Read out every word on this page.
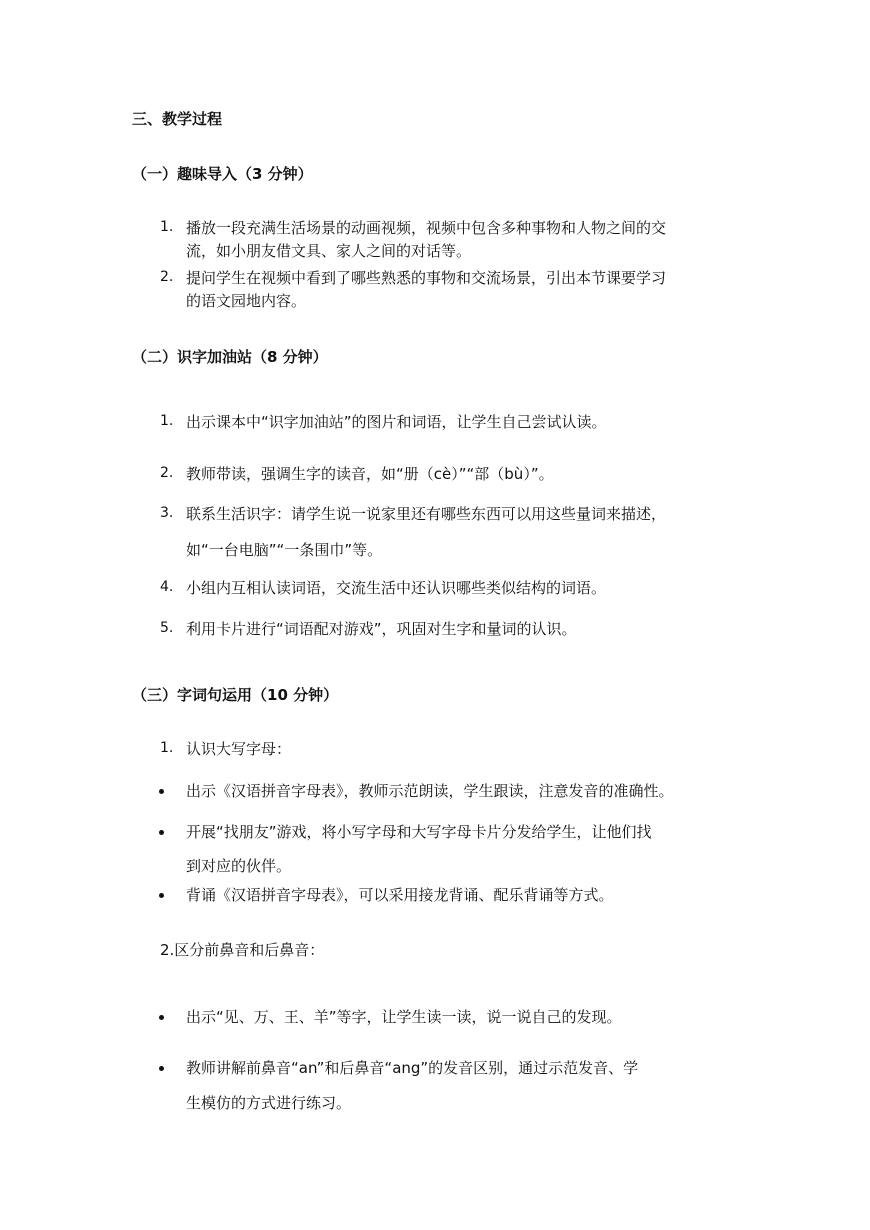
三、教学过程
（一）趣味导入（3 分钟）
1. 播放一段充满生活场景的动画视频，视频中包含多种事物和人物之间的交
流，如小朋友借文具、家人之间的对话等。
2. 提问学生在视频中看到了哪些熟悉的事物和交流场景，引出本节课要学习
的语文园地内容。
（二）识字加油站（8 分钟）
1. 出示课本中“识字加油站”的图片和词语，让学生自己尝试认读。
2. 教师带读，强调生字的读音，如“册（cè）”“部（bù）”。
3. 联系生活识字：请学生说一说家里还有哪些东西可以用这些量词来描述，
如“一台电脑”“一条围巾”等。
4. 小组内互相认读词语，交流生活中还认识哪些类似结构的词语。
5. 利用卡片进行“词语配对游戏”，巩固对生字和量词的认识。
（三）字词句运用（10 分钟）
1. 认识大写字母：
出示《汉语拼音字母表》，教师示范朗读，学生跟读，注意发音的准确性。
开展“找朋友”游戏，将小写字母和大写字母卡片分发给学生，让他们找
到对应的伙伴。
背诵《汉语拼音字母表》，可以采用接龙背诵、配乐背诵等方式。
2.区分前鼻音和后鼻音：
出示“见、万、王、羊”等字，让学生读一读，说一说自己的发现。
教师讲解前鼻音“an”和后鼻音“ang”的发音区别，通过示范发音、学
生模仿的方式进行练习。
